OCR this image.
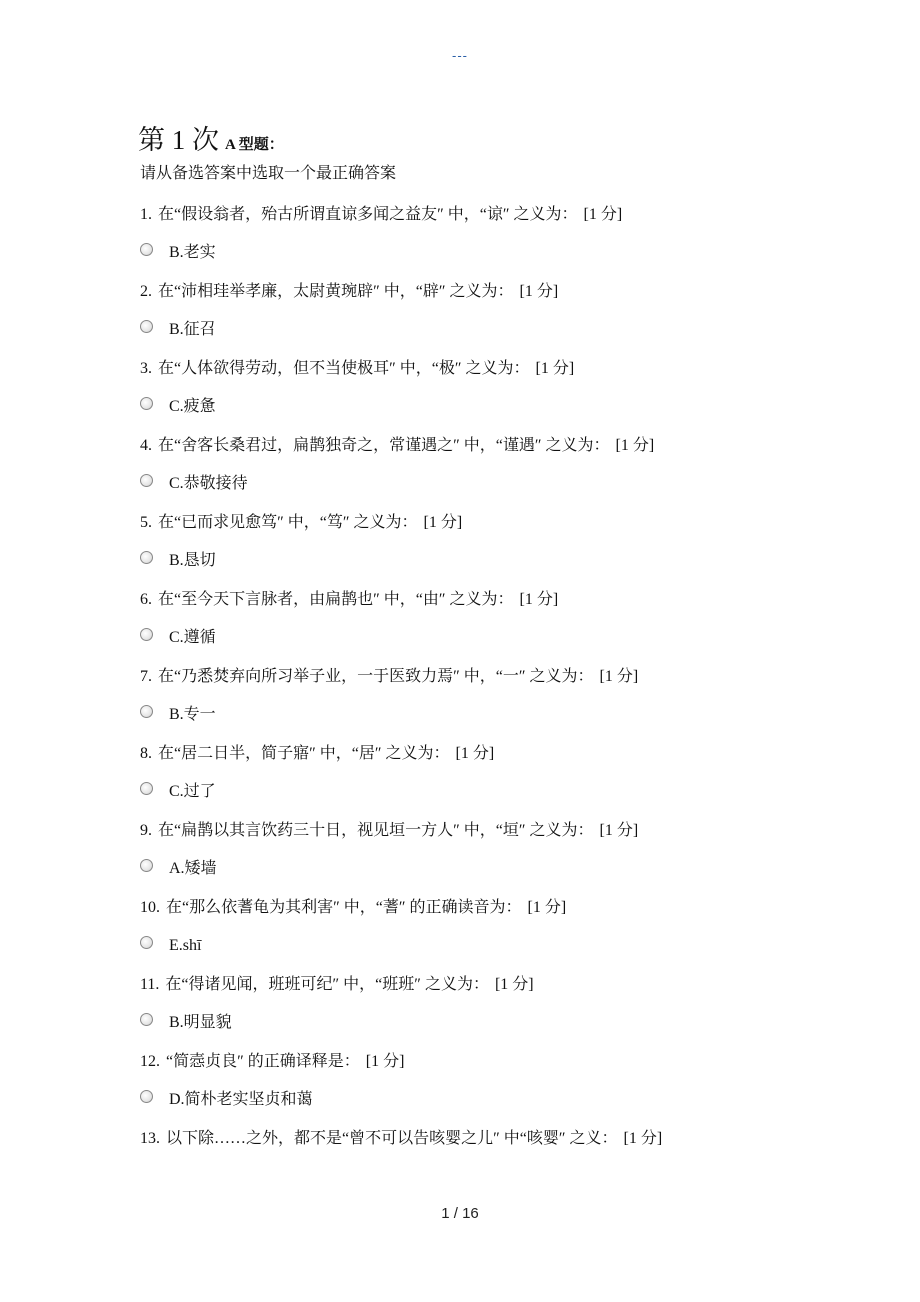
---
第 1 次 A 型题：
请从备选答案中选取一个最正确答案
1. 在“假设翁者，殆古所谓直谅多闻之益友″ 中，“谅″ 之义为： [1 分]
B.老实
2. 在“沛相珪举孝廉，太尉黄琬辟″ 中，“辟″ 之义为： [1 分]
B.征召
3. 在“人体欲得劳动，但不当使极耳″ 中，“极″ 之义为： [1 分]
C.疲惫
4. 在“舍客长桑君过，扁鹊独奇之，常谨遇之″ 中，“谨遇″ 之义为： [1 分]
C.恭敬接待
5. 在“已而求见愈笃″ 中，“笃″ 之义为： [1 分]
B.恳切
6. 在“至今天下言脉者，由扁鹊也″ 中，“由″ 之义为： [1 分]
C.遵循
7. 在“乃悉焚弃向所习举子业，一于医致力焉″ 中，“一″ 之义为： [1 分]
B.专一
8. 在“居二日半，简子寤″ 中，“居″ 之义为： [1 分]
C.过了
9. 在“扁鹊以其言饮药三十日，视见垣一方人″ 中，“垣″ 之义为： [1 分]
A.矮墙
10. 在“那么依蓍龟为其利害″ 中，“蓍″ 的正确读音为： [1 分]
E.shī
11. 在“得诸见闻，班班可纪″ 中，“班班″ 之义为： [1 分]
B.明显貌
12. “简悫贞良″ 的正确译释是： [1 分]
D.简朴老实坚贞和蔼
13. 以下除……之外，都不是“曾不可以告咳婴之儿″ 中“咳婴″ 之义： [1 分]
1 / 16
